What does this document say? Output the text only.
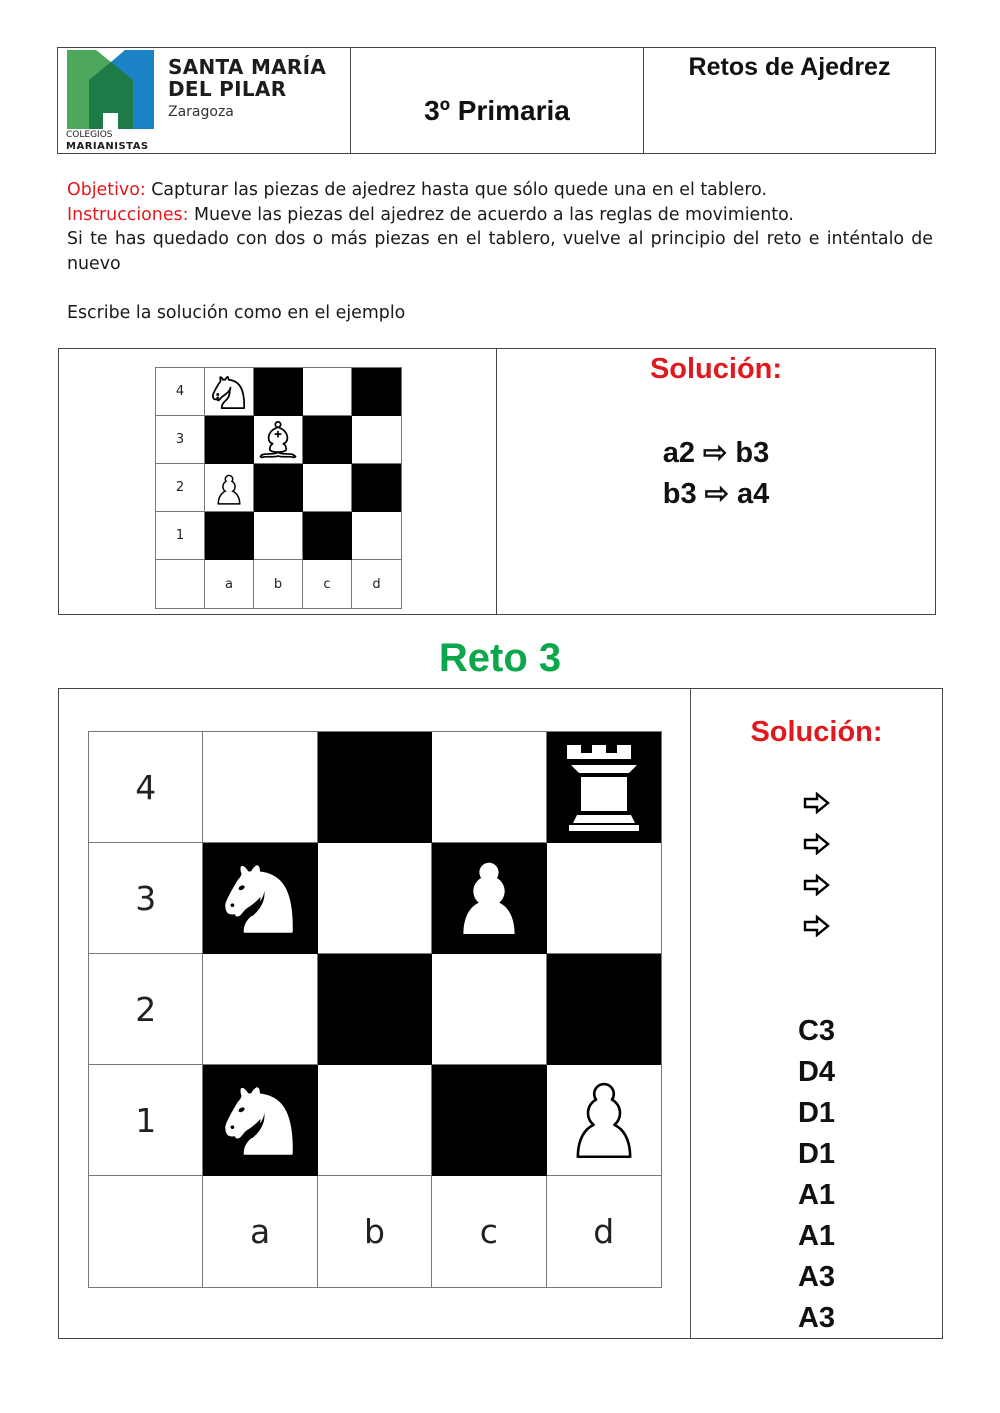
SANTA MARÍA
DEL PILAR
Zaragoza
COLEGIOS
MARIANISTAS
3º Primaria
Retos de Ajedrez

Objetivo: Capturar las piezas de ajedrez hasta que sólo quede una en el tablero.

Instrucciones: Mueve las piezas del ajedrez de acuerdo a las reglas de movimiento.

Si te has quedado con dos o más piezas en el tablero, vuelve al principio del reto e inténtalo de nuevo

Escribe la solución como en el ejemplo

Solución:
a2 ⇨ b3
b3 ⇨ a4
4
3
2
1
a	b	c	d
Reto 3
Solución:
C3
D4
D1
D1
A1
A1
A3
A3
4
3
2
1
a	b	c	d
